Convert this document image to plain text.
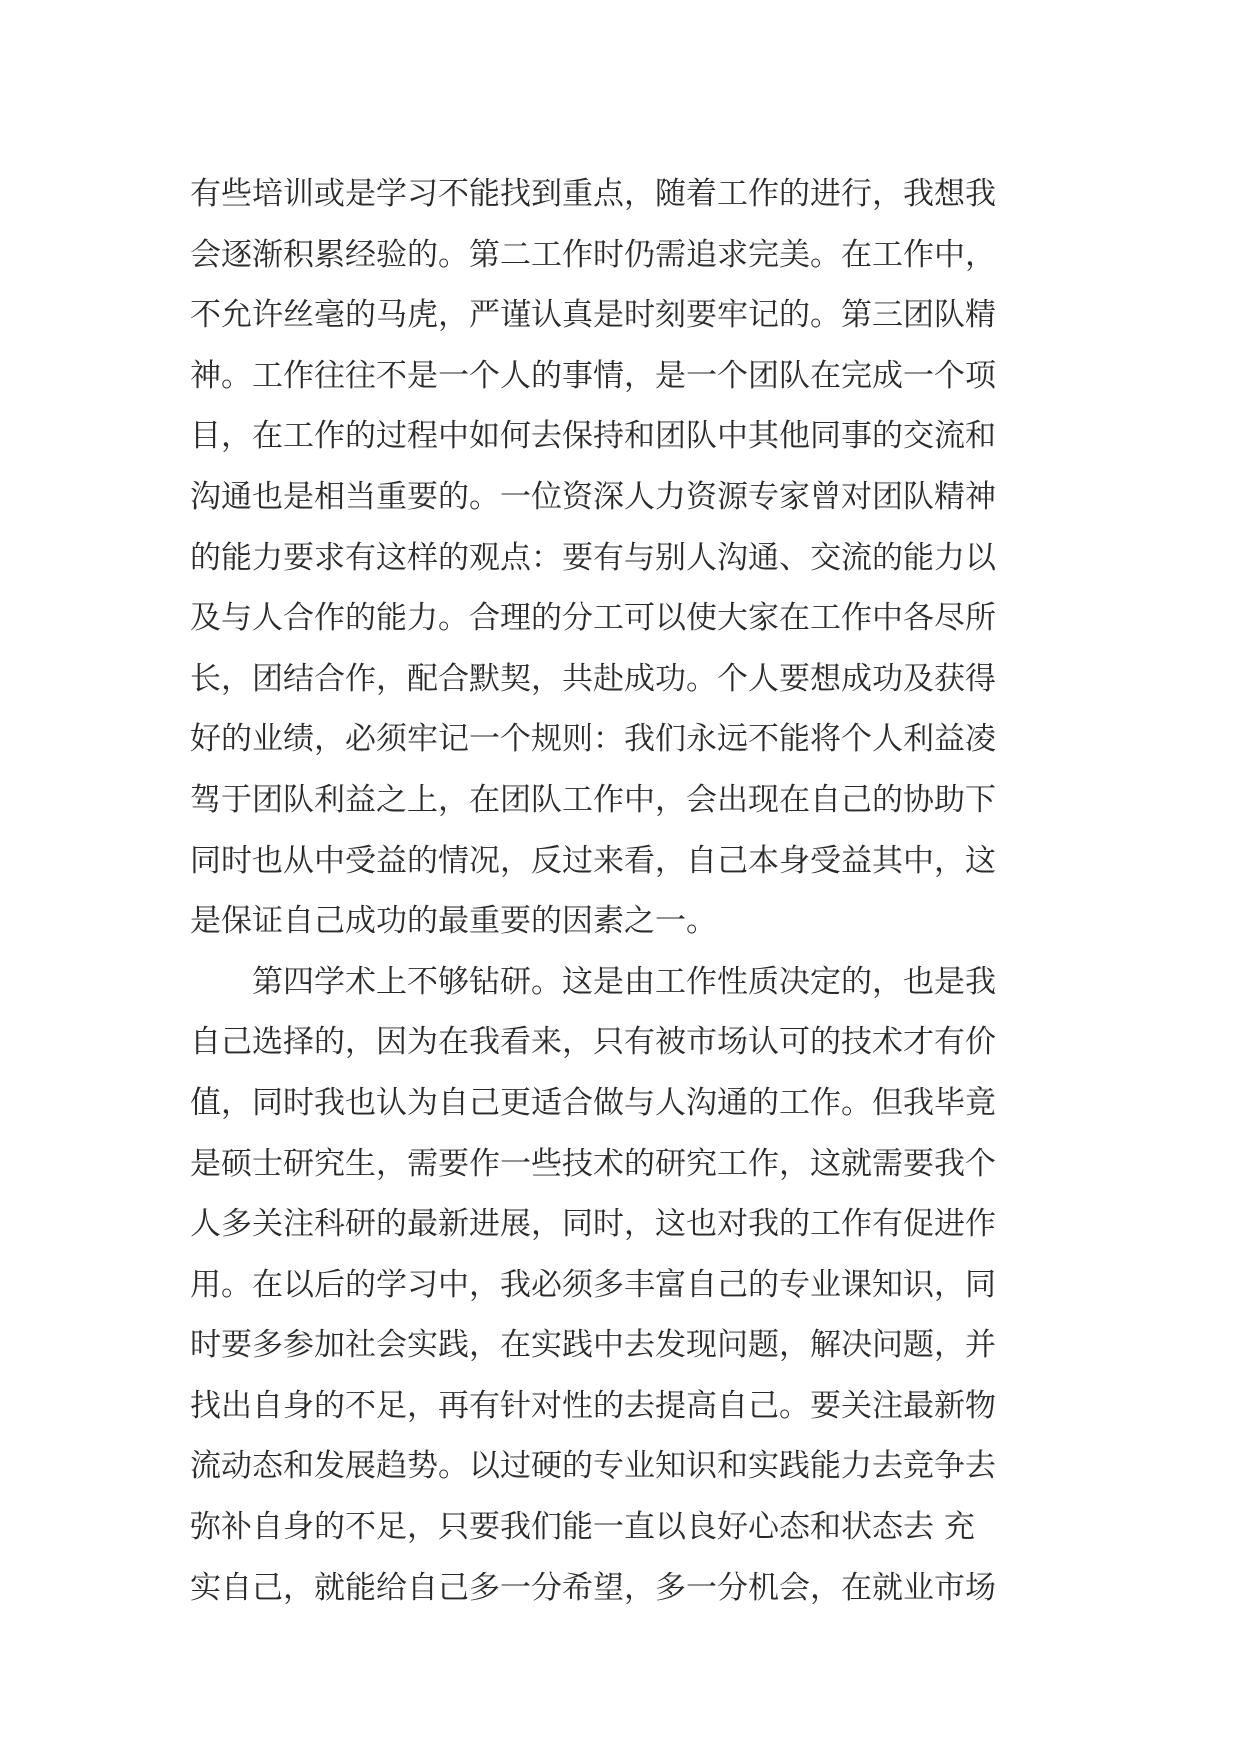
有些培训或是学习不能找到重点，随着工作的进行，我想我
会逐渐积累经验的。第二工作时仍需追求完美。在工作中，
不允许丝毫的马虎，严谨认真是时刻要牢记的。第三团队精
神。工作往往不是一个人的事情，是一个团队在完成一个项
目，在工作的过程中如何去保持和团队中其他同事的交流和
沟通也是相当重要的。一位资深人力资源专家曾对团队精神
的能力要求有这样的观点：要有与别人沟通、交流的能力以
及与人合作的能力。合理的分工可以使大家在工作中各尽所
长，团结合作，配合默契，共赴成功。个人要想成功及获得
好的业绩，必须牢记一个规则：我们永远不能将个人利益凌
驾于团队利益之上，在团队工作中，会出现在自己的协助下
同时也从中受益的情况，反过来看，自己本身受益其中，这
是保证自己成功的最重要的因素之一。
　　第四学术上不够钻研。这是由工作性质决定的，也是我
自己选择的，因为在我看来，只有被市场认可的技术才有价
值，同时我也认为自己更适合做与人沟通的工作。但我毕竟
是硕士研究生，需要作一些技术的研究工作，这就需要我个
人多关注科研的最新进展，同时，这也对我的工作有促进作
用。在以后的学习中，我必须多丰富自己的专业课知识，同
时要多参加社会实践，在实践中去发现问题，解决问题，并
找出自身的不足，再有针对性的去提高自己。要关注最新物
流动态和发展趋势。以过硬的专业知识和实践能力去竞争去
弥补自身的不足，只要我们能一直以良好心态和状态去 充
实自己，就能给自己多一分希望，多一分机会，在就业市场
